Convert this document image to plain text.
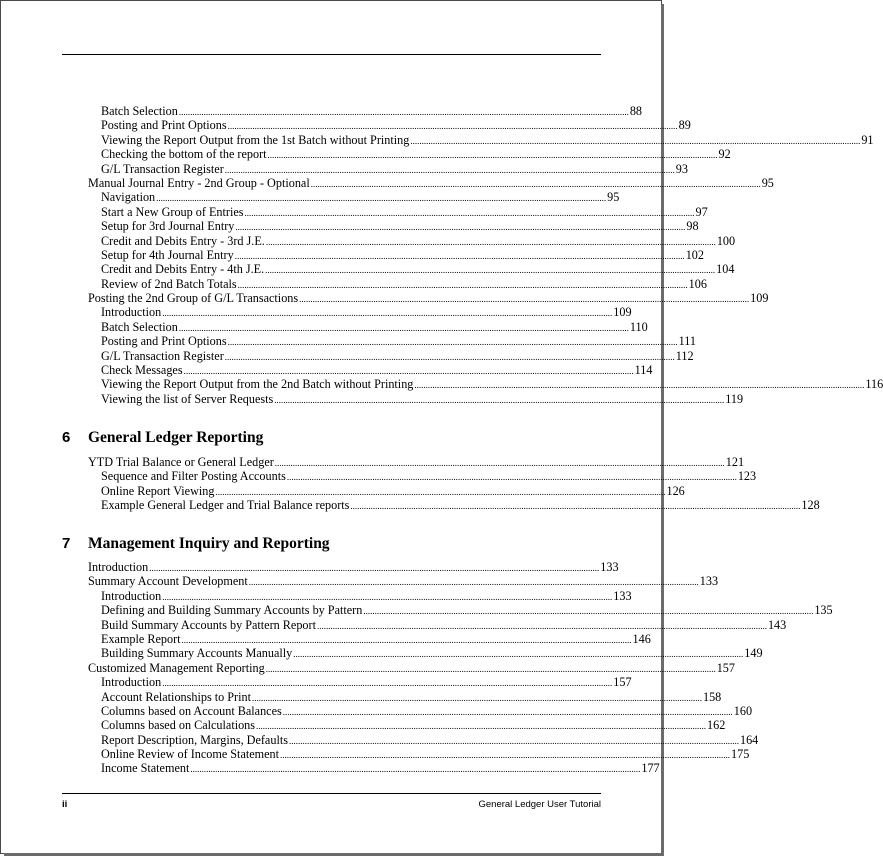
Batch Selection ........................................................................................................................................................................................................ 88
Posting and Print Options ........................................................................................................................................................................................................ 89
Viewing the Report Output from the 1st Batch without Printing ........................................................................................................................................................................................................ 91
Checking the bottom of the report ........................................................................................................................................................................................................ 92
G/L Transaction Register ........................................................................................................................................................................................................ 93
Manual Journal Entry - 2nd Group - Optional ........................................................................................................................................................................................................ 95
Navigation ........................................................................................................................................................................................................ 95
Start a New Group of Entries ........................................................................................................................................................................................................ 97
Setup for 3rd Journal Entry ........................................................................................................................................................................................................ 98
Credit and Debits Entry - 3rd J.E. ........................................................................................................................................................................................................ 100
Setup for 4th Journal Entry ........................................................................................................................................................................................................ 102
Credit and Debits Entry - 4th J.E. ........................................................................................................................................................................................................ 104
Review of 2nd Batch Totals ........................................................................................................................................................................................................ 106
Posting the 2nd Group of G/L Transactions ........................................................................................................................................................................................................ 109
Introduction ........................................................................................................................................................................................................ 109
Batch Selection ........................................................................................................................................................................................................ 110
Posting and Print Options ........................................................................................................................................................................................................ 111
G/L Transaction Register ........................................................................................................................................................................................................ 112
Check Messages ........................................................................................................................................................................................................ 114
Viewing the Report Output from the 2nd Batch without Printing ........................................................................................................................................................................................................ 116
Viewing the list of Server Requests ........................................................................................................................................................................................................ 119
6	General Ledger Reporting
YTD Trial Balance or General Ledger ........................................................................................................................................................................................................ 121
Sequence and Filter Posting Accounts ........................................................................................................................................................................................................ 123
Online Report Viewing ........................................................................................................................................................................................................ 126
Example General Ledger and Trial Balance reports ........................................................................................................................................................................................................ 128
7	Management Inquiry and Reporting
Introduction ........................................................................................................................................................................................................ 133
Summary Account Development ........................................................................................................................................................................................................ 133
Introduction ........................................................................................................................................................................................................ 133
Defining and Building Summary Accounts by Pattern ........................................................................................................................................................................................................ 135
Build Summary Accounts by Pattern Report ........................................................................................................................................................................................................ 143
Example Report ........................................................................................................................................................................................................ 146
Building Summary Accounts Manually ........................................................................................................................................................................................................ 149
Customized Management Reporting ........................................................................................................................................................................................................ 157
Introduction ........................................................................................................................................................................................................ 157
Account Relationships to Print ........................................................................................................................................................................................................ 158
Columns based on Account Balances ........................................................................................................................................................................................................ 160
Columns based on Calculations ........................................................................................................................................................................................................ 162
Report Description, Margins, Defaults ........................................................................................................................................................................................................ 164
Online Review of Income Statement ........................................................................................................................................................................................................ 175
Income Statement ........................................................................................................................................................................................................ 177
ii	General Ledger User Tutorial
